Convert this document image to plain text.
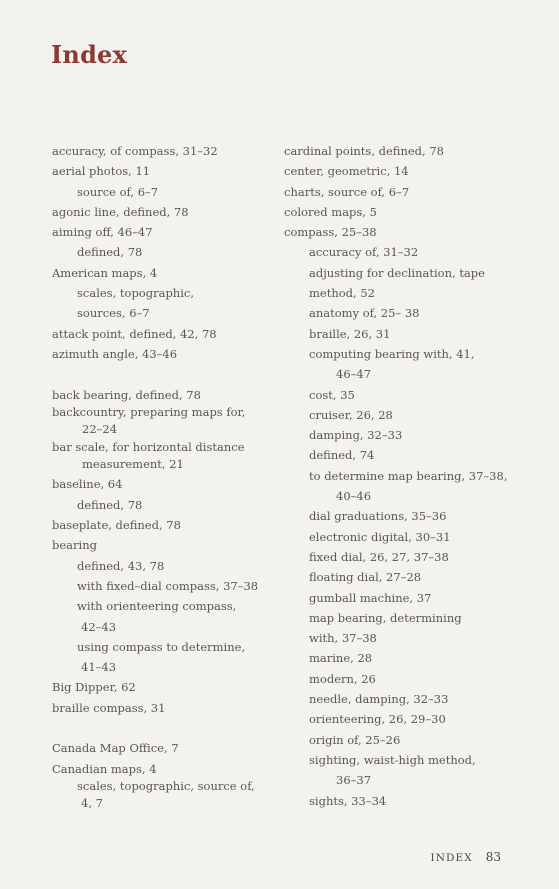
Index
accuracy, of compass, 31–32
aerial photos, 11
source of, 6–7
agonic line, defined, 78
aiming off, 46–47
defined, 78
American maps, 4
scales, topographic,
sources, 6–7
attack point, defined, 42, 78
azimuth angle, 43–46
back bearing, defined, 78
backcountry, preparing maps for,
22–24
bar scale, for horizontal distance
measurement, 21
baseline, 64
defined, 78
baseplate, defined, 78
bearing
defined, 43, 78
with fixed–dial compass, 37–38
with orienteering compass,
42–43
using compass to determine,
41–43
Big Dipper, 62
braille compass, 31
Canada Map Office, 7
Canadian maps, 4
scales, topographic, source of,
4, 7
cardinal points, defined, 78
center, geometric, 14
charts, source of, 6–7
colored maps, 5
compass, 25–38
accuracy of, 31–32
adjusting for declination, tape
method, 52
anatomy of, 25– 38
braille, 26, 31
computing bearing with, 41,
46–47
cost, 35
cruiser, 26, 28
damping, 32–33
defined, 74
to determine map bearing, 37–38,
40–46
dial graduations, 35–36
electronic digital, 30–31
fixed dial, 26, 27, 37–38
floating dial, 27–28
gumball machine, 37
map bearing, determining
with, 37–38
marine, 28
modern, 26
needle, damping, 32–33
orienteering, 26, 29–30
origin of, 25–26
sighting, waist-high method,
36–37
sights, 33–34
INDEX 83
